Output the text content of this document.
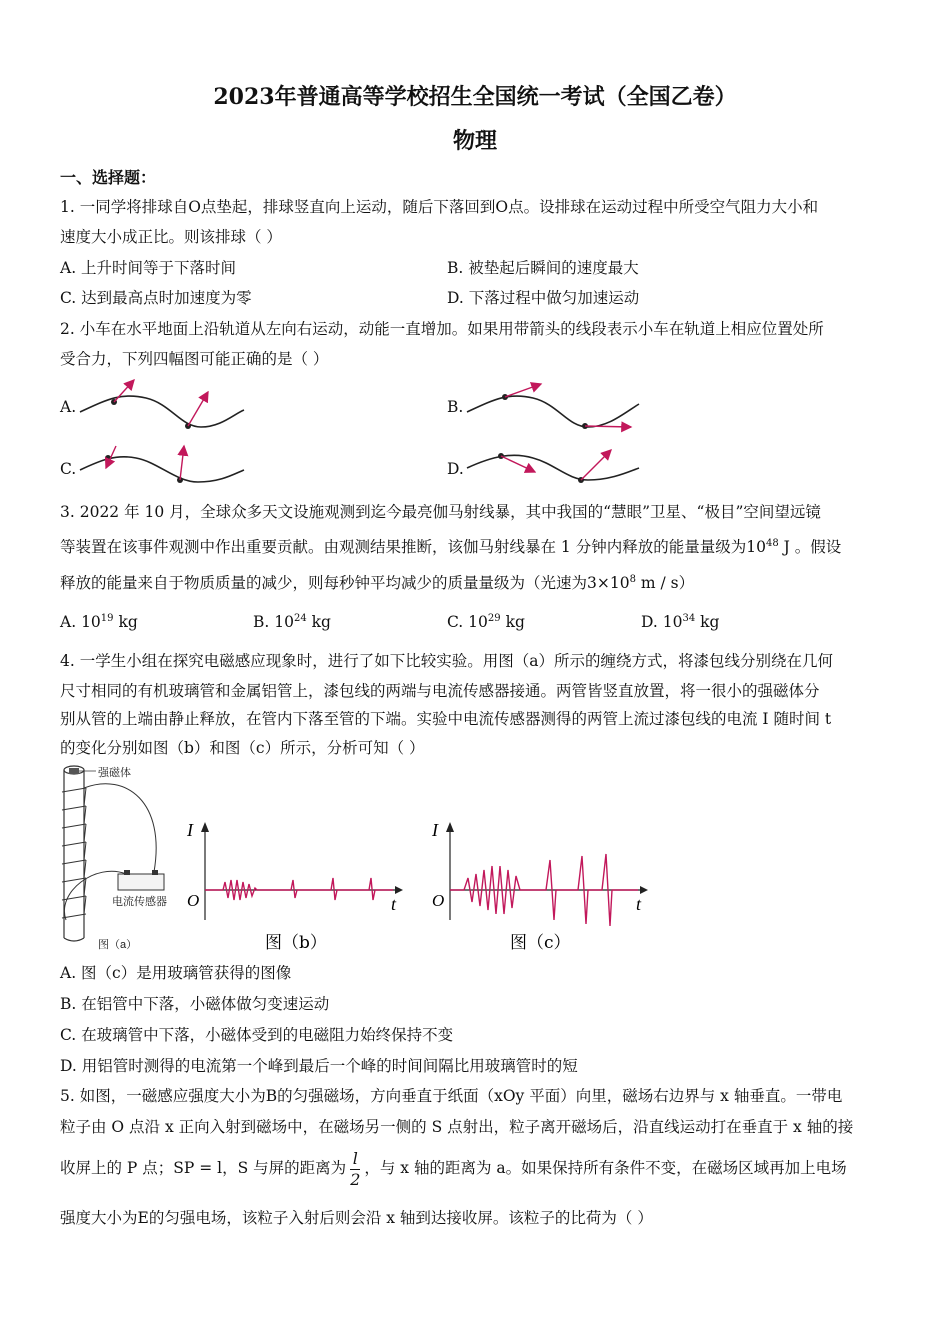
2023年普通高等学校招生全国统一考试（全国乙卷）
物理
一、选择题：
1. 一同学将排球自O点垫起，排球竖直向上运动，随后下落回到O点。设排球在运动过程中所受空气阻力大小和
速度大小成正比。则该排球（ ）
A. 上升时间等于下落时间	B. 被垫起后瞬间的速度最大
C. 达到最高点时加速度为零	D. 下落过程中做匀加速运动
2. 小车在水平地面上沿轨道从左向右运动，动能一直增加。如果用带箭头的线段表示小车在轨道上相应位置处所
受合力，下列四幅图可能正确的是（ ）
A.	B.
C.	D.
3. 2022 年 10 月，全球众多天文设施观测到迄今最亮伽马射线暴，其中我国的“慧眼”卫星、“极目”空间望远镜
等装置在该事件观测中作出重要贡献。由观测结果推断，该伽马射线暴在 1 分钟内释放的能量量级为$10^{48}$ J 。假设
释放的能量来自于物质质量的减少，则每秒钟平均减少的质量量级为（光速为$3\times 10^8$ m / s）
A. $10^{19}$ kg	B. $10^{24}$ kg	C. $10^{29}$ kg	D. $10^{34}$ kg
4. 一学生小组在探究电磁感应现象时，进行了如下比较实验。用图（a）所示的缠绕方式，将漆包线分别绕在几何
尺寸相同的有机玻璃管和金属铝管上，漆包线的两端与电流传感器接通。两管皆竖直放置，将一很小的强磁体分
别从管的上端由静止释放，在管内下落至管的下端。实验中电流传感器测得的两管上流过漆包线的电流 I 随时间 t
的变化分别如图（b）和图（c）所示，分析可知（ ）
强磁体
电流传感器
图（a）
I
t
O
图（b）
I
t
O
图（c）
A. 图（c）是用玻璃管获得的图像
B. 在铝管中下落，小磁体做匀变速运动
C. 在玻璃管中下落，小磁体受到的电磁阻力始终保持不变
D. 用铝管时测得的电流第一个峰到最后一个峰的时间间隔比用玻璃管时的短
5. 如图，一磁感应强度大小为B的匀强磁场，方向垂直于纸面（xOy 平面）向里，磁场右边界与 x 轴垂直。一带电
粒子由 O 点沿 x 正向入射到磁场中，在磁场另一侧的 S 点射出，粒子离开磁场后，沿直线运动打在垂直于 x 轴的接
收屏上的 P 点；SP = l，S 与屏的距离为 $\frac{l}{2}$ ，与 x 轴的距离为 a。如果保持所有条件不变，在磁场区域再加上电场
强度大小为E的匀强电场，该粒子入射后则会沿 x 轴到达接收屏。该粒子的比荷为（ ）
